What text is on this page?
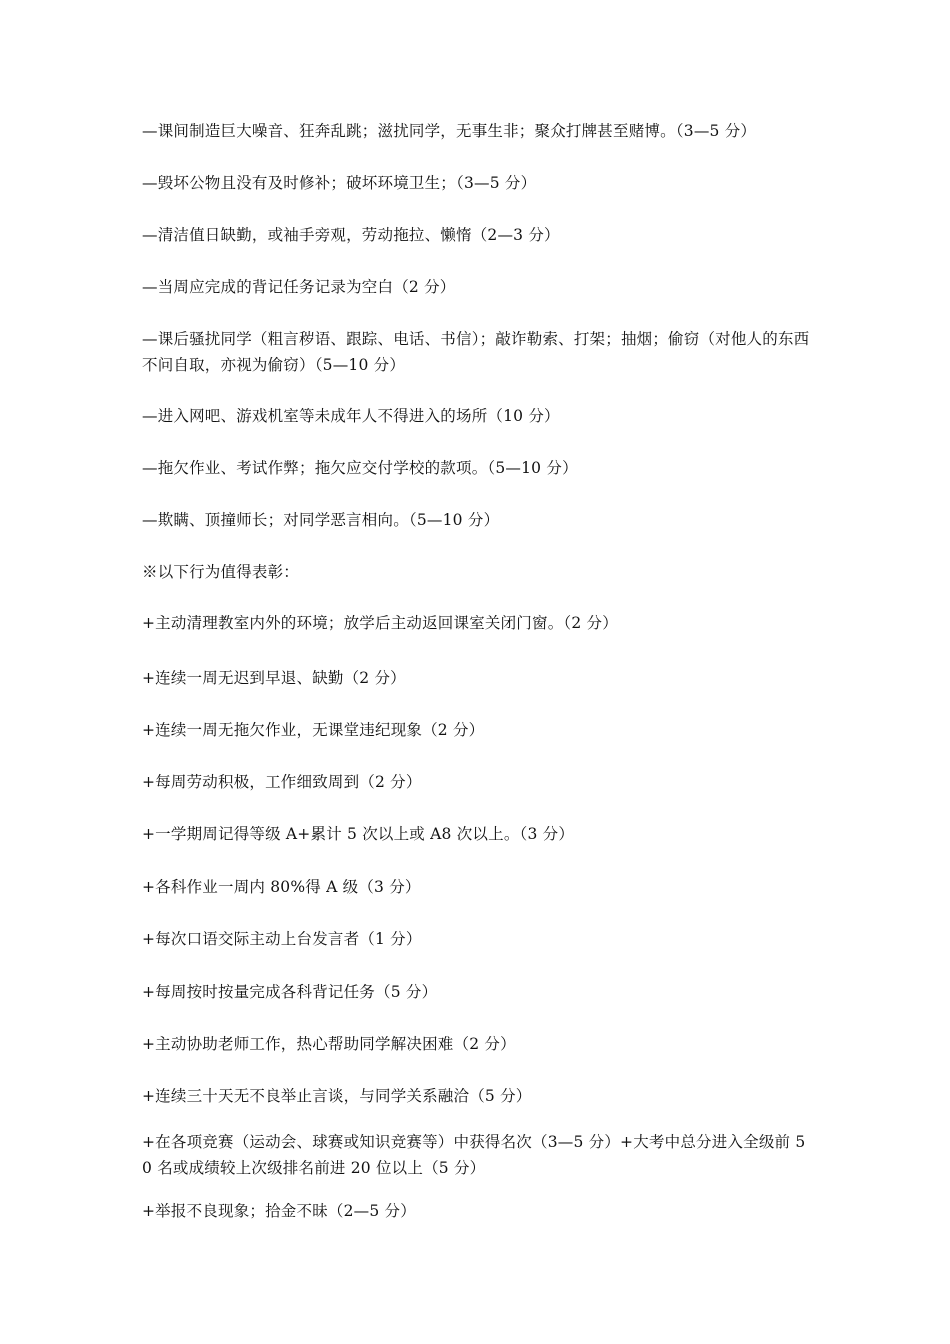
—课间制造巨大噪音、狂奔乱跳；滋扰同学，无事生非；聚众打牌甚至赌博。（3—5 分）
—毁坏公物且没有及时修补；破坏环境卫生；（3—5 分）
—清洁值日缺勤，或袖手旁观，劳动拖拉、懒惰（2—3 分）
—当周应完成的背记任务记录为空白（2 分）
—课后骚扰同学（粗言秽语、跟踪、电话、书信）；敲诈勒索、打架；抽烟；偷窃（对他人的东西不问自取，亦视为偷窃）（5—10 分）
—进入网吧、游戏机室等未成年人不得进入的场所（10 分）
—拖欠作业、考试作弊；拖欠应交付学校的款项。（5—10 分）
—欺瞒、顶撞师长；对同学恶言相向。（5—10 分）
※以下行为值得表彰：
+主动清理教室内外的环境；放学后主动返回课室关闭门窗。（2 分）
+连续一周无迟到早退、缺勤（2 分）
+连续一周无拖欠作业，无课堂违纪现象（2 分）
+每周劳动积极，工作细致周到（2 分）
+一学期周记得等级 A+累计 5 次以上或 A8 次以上。（3 分）
+各科作业一周内 80%得 A 级（3 分）
+每次口语交际主动上台发言者（1 分）
+每周按时按量完成各科背记任务（5 分）
+主动协助老师工作，热心帮助同学解决困难（2 分）
+连续三十天无不良举止言谈，与同学关系融洽（5 分）
+在各项竞赛（运动会、球赛或知识竞赛等）中获得名次（3—5 分）+大考中总分进入全级前 50 名或成绩较上次级排名前进 20 位以上（5 分）
+举报不良现象；拾金不昧（2—5 分）
